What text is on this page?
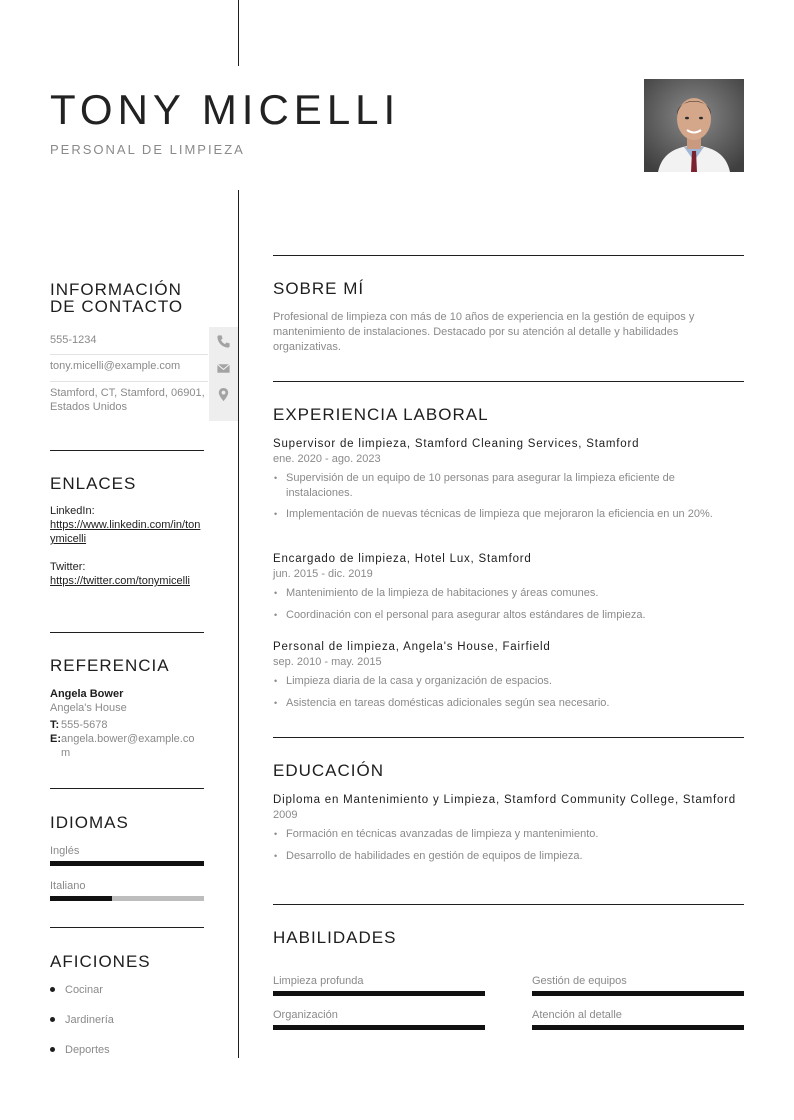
TONY MICELLI
PERSONAL DE LIMPIEZA
INFORMACIÓN DE CONTACTO
555-1234
tony.micelli@example.com
Stamford, CT, Stamford, 06901, Estados Unidos
ENLACES
LinkedIn:
https://www.linkedin.com/in/tonymicelli
Twitter:
https://twitter.com/tonymicelli
REFERENCIA
Angela Bower
Angela's House
T: 555-5678
E: angela.bower@example.com
IDIOMAS
Inglés
Italiano
AFICIONES
Cocinar
Jardinería
Deportes
SOBRE MÍ

Profesional de limpieza con más de 10 años de experiencia en la gestión de equipos y mantenimiento de instalaciones. Destacado por su atención al detalle y habilidades organizativas.

EXPERIENCIA LABORAL
Supervisor de limpieza, Stamford Cleaning Services, Stamford
ene. 2020 - ago. 2023
• Supervisión de un equipo de 10 personas para asegurar la limpieza eficiente de instalaciones.
• Implementación de nuevas técnicas de limpieza que mejoraron la eficiencia en un 20%.
Encargado de limpieza, Hotel Lux, Stamford
jun. 2015 - dic. 2019
• Mantenimiento de la limpieza de habitaciones y áreas comunes.
• Coordinación con el personal para asegurar altos estándares de limpieza.
Personal de limpieza, Angela's House, Fairfield
sep. 2010 - may. 2015
• Limpieza diaria de la casa y organización de espacios.
• Asistencia en tareas domésticas adicionales según sea necesario.
EDUCACIÓN
Diploma en Mantenimiento y Limpieza, Stamford Community College, Stamford
2009
• Formación en técnicas avanzadas de limpieza y mantenimiento.
• Desarrollo de habilidades en gestión de equipos de limpieza.
HABILIDADES
Limpieza profunda	Gestión de equipos
Organización	Atención al detalle
